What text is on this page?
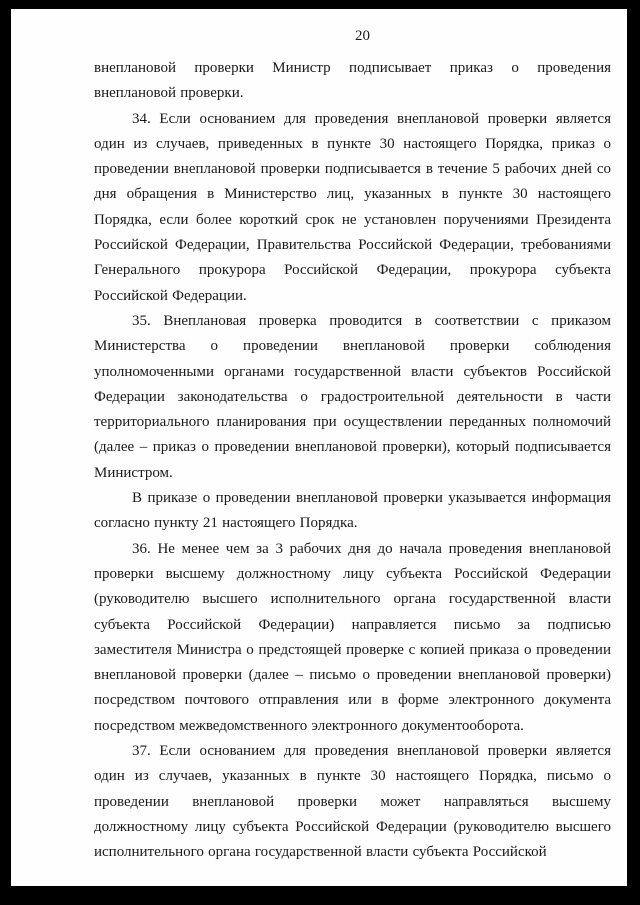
20

внеплановой проверки Министр подписывает приказ о проведения внеплановой проверки.

34. Если основанием для проведения внеплановой проверки является один из случаев, приведенных в пункте 30 настоящего Порядка, приказ о проведении внеплановой проверки подписывается в течение 5 рабочих дней со дня обращения в Министерство лиц, указанных в пункте 30 настоящего Порядка, если более короткий срок не установлен поручениями Президента Российской Федерации, Правительства Российской Федерации, требованиями Генерального прокурора Российской Федерации, прокурора субъекта Российской Федерации.

35. Внеплановая проверка проводится в соответствии с приказом Министерства о проведении внеплановой проверки соблюдения уполномоченными органами государственной власти субъектов Российской Федерации законодательства о градостроительной деятельности в части территориального планирования при осуществлении переданных полномочий (далее – приказ о проведении внеплановой проверки), который подписывается Министром.

В приказе о проведении внеплановой проверки указывается информация согласно пункту 21 настоящего Порядка.

36. Не менее чем за 3 рабочих дня до начала проведения внеплановой проверки высшему должностному лицу субъекта Российской Федерации (руководителю высшего исполнительного органа государственной власти субъекта Российской Федерации) направляется письмо за подписью заместителя Министра о предстоящей проверке с копией приказа о проведении внеплановой проверки (далее – письмо о проведении внеплановой проверки) посредством почтового отправления или в форме электронного документа посредством межведомственного электронного документооборота.

37. Если основанием для проведения внеплановой проверки является один из случаев, указанных в пункте 30 настоящего Порядка, письмо о проведении внеплановой проверки может направляться высшему должностному лицу субъекта Российской Федерации (руководителю высшего исполнительного органа государственной власти субъекта Российской
